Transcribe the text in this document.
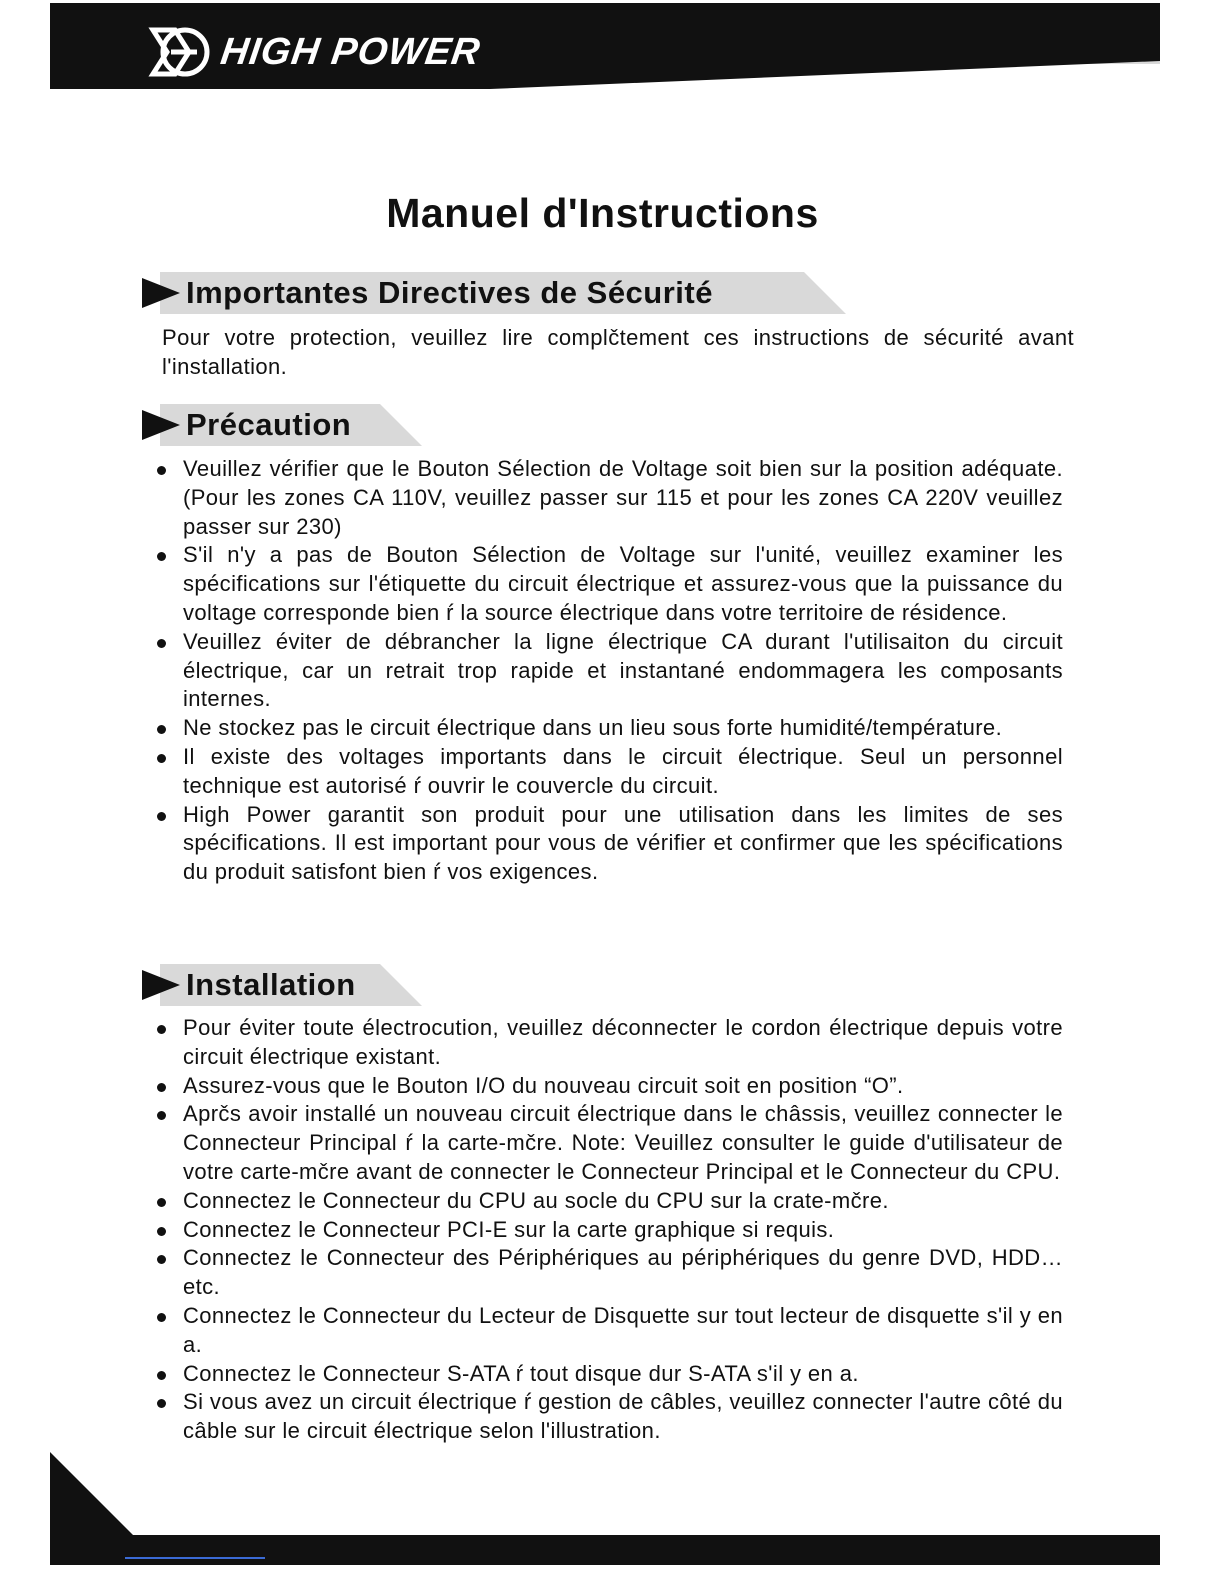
HIGH POWER
Manuel d'Instructions
Importantes Directives de Sécurité
Pour votre protection, veuillez lire complčtement ces instructions de sécurité avant l'installation.
Précaution
Veuillez vérifier que le Bouton Sélection de Voltage soit bien sur la position adéquate. (Pour les zones CA 110V, veuillez passer sur 115 et pour les zones CA 220V veuillez passer sur 230)
S'il n'y a pas de Bouton Sélection de Voltage sur l'unité, veuillez examiner les spécifications sur l'étiquette du circuit électrique et assurez-vous que la puissance du voltage corresponde bien ŕ la source électrique dans votre territoire de résidence.
Veuillez éviter de débrancher la ligne électrique CA durant l'utilisaiton du circuit électrique, car un retrait trop rapide et instantané endommagera les composants internes.
Ne stockez pas le circuit électrique dans un lieu sous forte humidité/température.
Il existe des voltages importants dans le circuit électrique. Seul un personnel technique est autorisé ŕ ouvrir le couvercle du circuit.
High Power garantit son produit pour une utilisation dans les limites de ses spécifications. Il est important pour vous de vérifier et confirmer que les spécifications du produit satisfont bien ŕ vos exigences.
Installation
Pour éviter toute électrocution, veuillez déconnecter le cordon électrique depuis votre circuit électrique existant.
Assurez-vous que le Bouton I/O du nouveau circuit soit en position “O”.
Aprčs avoir installé un nouveau circuit électrique dans le châssis, veuillez connecter le Connecteur Principal ŕ la carte-mčre. Note: Veuillez consulter le guide d'utilisateur de votre carte-mčre avant de connecter le Connecteur Principal et le Connecteur du CPU.
Connectez le Connecteur du CPU au socle du CPU sur la crate-mčre.
Connectez le Connecteur PCI-E sur la carte graphique si requis.
Connectez le Connecteur des Périphériques au périphériques du genre DVD, HDD…etc.
Connectez le Connecteur du Lecteur de Disquette sur tout lecteur de disquette s'il y en a.
Connectez le Connecteur S-ATA ŕ tout disque dur S-ATA s'il y en a.
Si vous avez un circuit électrique ŕ gestion de câbles, veuillez connecter l'autre côté du câble sur le circuit électrique selon l'illustration.
